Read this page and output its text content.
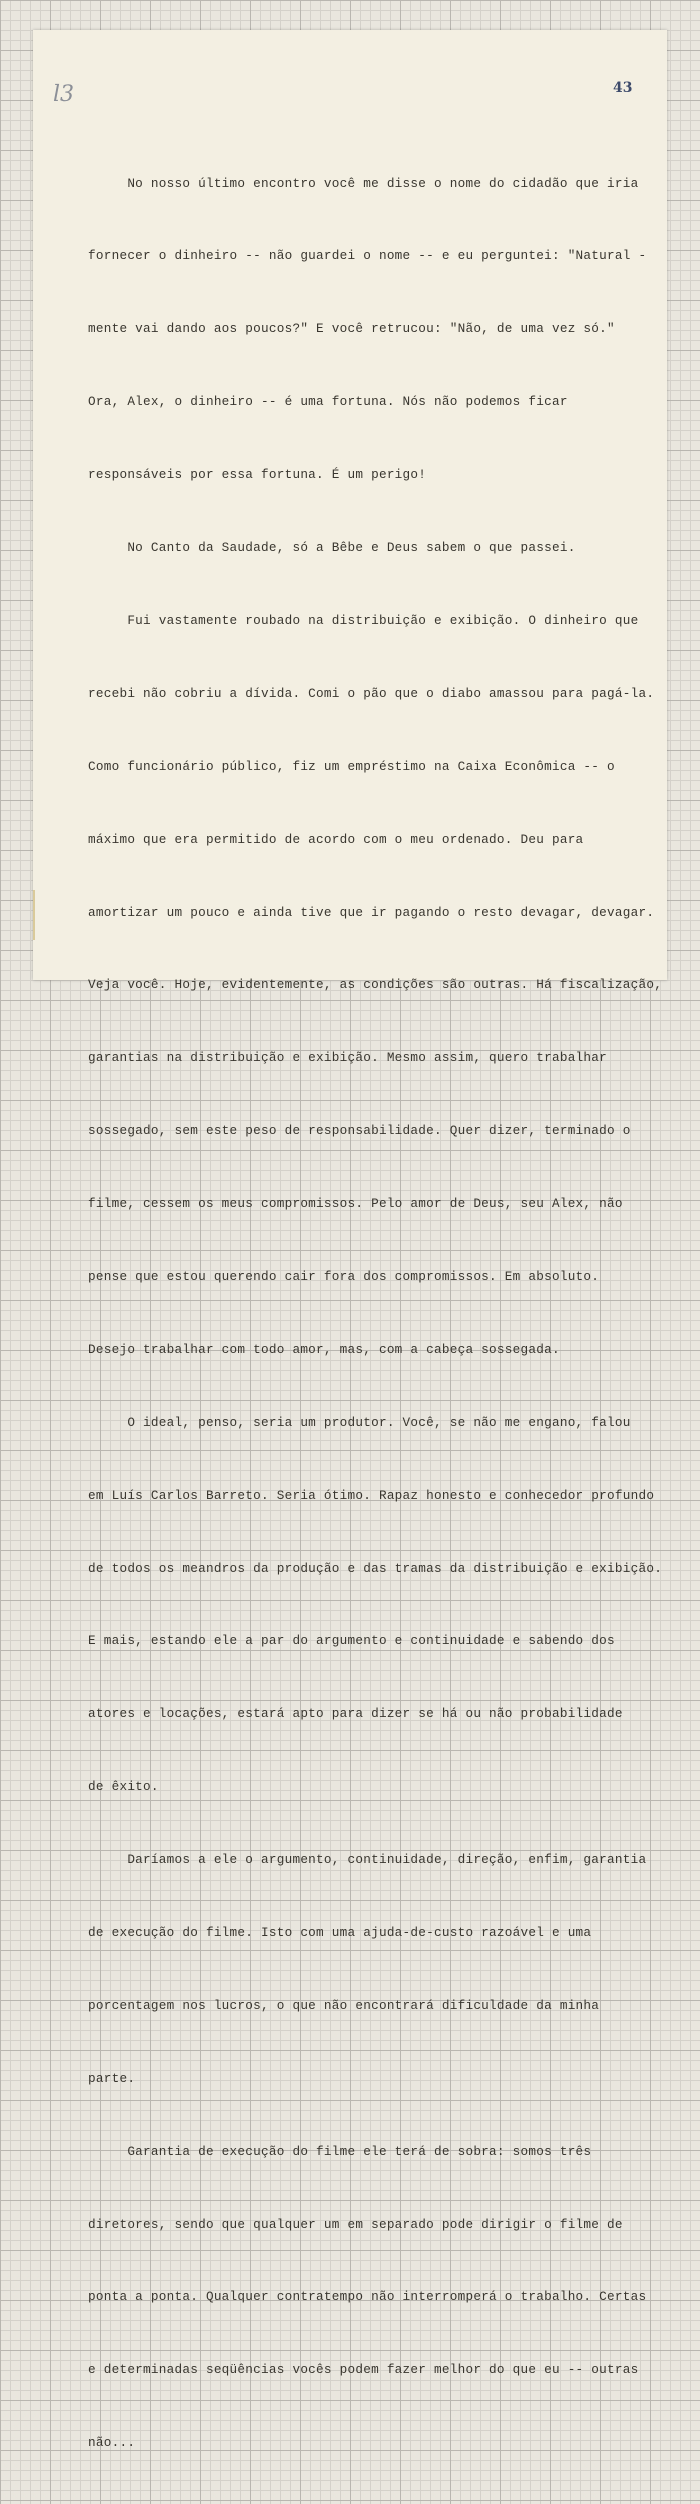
l3	43

No nosso último encontro você me disse o nome do cidadão que iria

fornecer o dinheiro -- não guardei o nome -- e eu perguntei: "Natural -

mente vai dando aos poucos?" E você retrucou: "Não, de uma vez só."

Ora, Alex, o dinheiro -- é uma fortuna. Nós não podemos ficar

responsáveis por essa fortuna. É um perigo!

No Canto da Saudade, só a Bêbe e Deus sabem o que passei.

Fui vastamente roubado na distribuição e exibição. O dinheiro que

recebi não cobriu a dívida. Comi o pão que o diabo amassou para pagá-la.

Como funcionário público, fiz um empréstimo na Caixa Econômica -- o

máximo que era permitido de acordo com o meu ordenado. Deu para

amortizar um pouco e ainda tive que ir pagando o resto devagar, devagar.

Veja você. Hoje, evidentemente, as condições são outras. Há fiscalização,

garantias na distribuição e exibição. Mesmo assim, quero trabalhar

sossegado, sem este peso de responsabilidade. Quer dizer, terminado o

filme, cessem os meus compromissos. Pelo amor de Deus, seu Alex, não

pense que estou querendo cair fora dos compromissos. Em absoluto.

Desejo trabalhar com todo amor, mas, com a cabeça sossegada.

O ideal, penso, seria um produtor. Você, se não me engano, falou

em Luís Carlos Barreto. Seria ótimo. Rapaz honesto e conhecedor profundo

de todos os meandros da produção e das tramas da distribuição e exibição.

E mais, estando ele a par do argumento e continuidade e sabendo dos

atores e locações, estará apto para dizer se há ou não probabilidade

de êxito.

Daríamos a ele o argumento, continuidade, direção, enfim, garantia

de execução do filme. Isto com uma ajuda-de-custo razoável e uma

porcentagem nos lucros, o que não encontrará dificuldade da minha

parte.

Garantia de execução do filme ele terá de sobra: somos três

diretores, sendo que qualquer um em separado pode dirigir o filme de

ponta a ponta. Qualquer contratempo não interromperá o trabalho. Certas

e determinadas seqüências vocês podem fazer melhor do que eu -- outras

não...
